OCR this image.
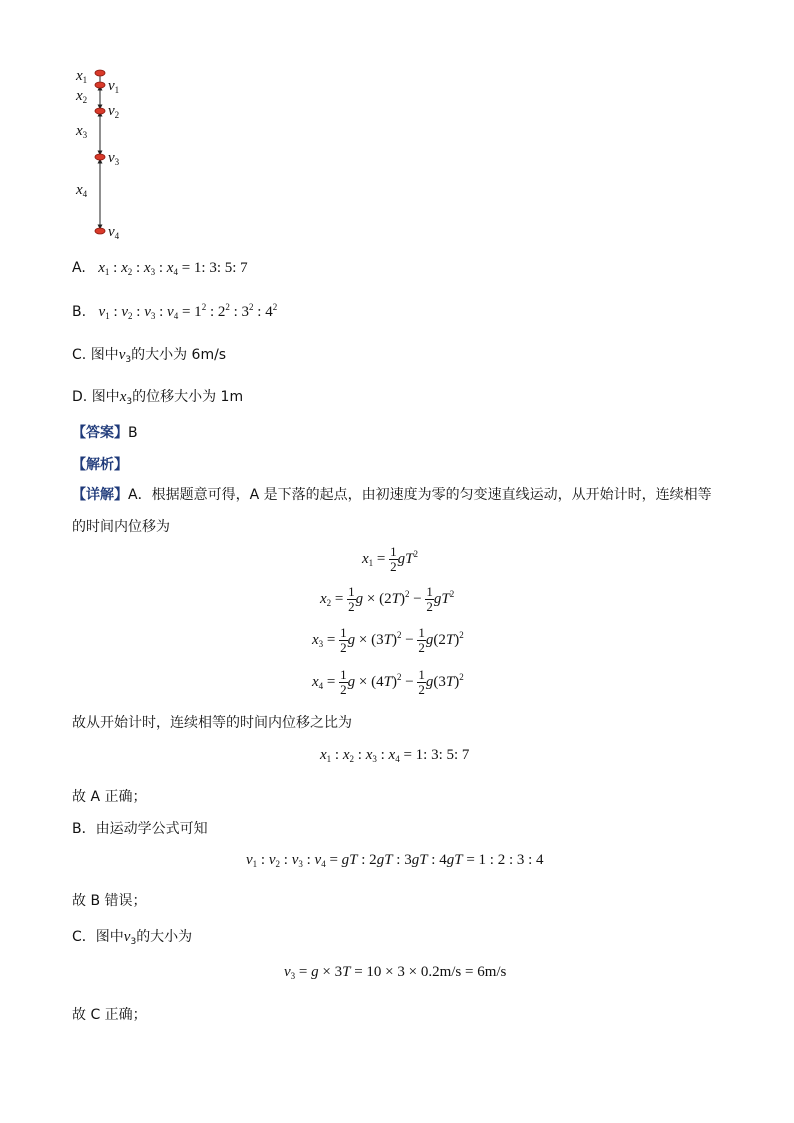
$x_1$
$x_2$
$x_3$
$x_4$
$v_1$
$v_2$
$v_3$
$v_4$
A. $x_1$ : $x_2$ : $x_3$ : $x_4 = 1$: 3: 5: 7
B. $v_1$ : $v_2$ : $v_3$ : $v_4 = 1^2$ : $2^2$ : $3^2$ : $4^2$
C. 图中$v_3$的大小为 6m/s
D. 图中$x_3$的位移大小为 1m
【答案】B
【解析】
【详解】A．根据题意可得，A 是下落的起点，由初速度为零的匀变速直线运动，从开始计时，连续相等
的时间内位移为
$x_1 = \frac{1}{2} gT^2$
$x_2 = \frac{1}{2}$ $g \times (2T)^2 - \frac{1}{2} gT^2$
$x_3 = \frac{1}{2}$ $g \times (3T)^2 - \frac{1}{2} g(2T)^2$
$x_4 = \frac{1}{2}$ $g \times (4T)^2 - \frac{1}{2} g(3T)^2$
故从开始计时，连续相等的时间内位移之比为
$x_1$ : $x_2$ : $x_3$ : $x_4 = 1$: 3: 5: 7
故 A 正确；
B．由运动学公式可知
$v_1$ : $v_2$ : $v_3$ : $v_4$ = gT : 2gT : 3gT : 4gT = 1 : 2 : 3 : 4
故 B 错误；
C．图中$v_3$的大小为
$v_3 = g \times 3T = 10 \times 3 \times 0.2m/s = 6m/s$
故 C 正确；
